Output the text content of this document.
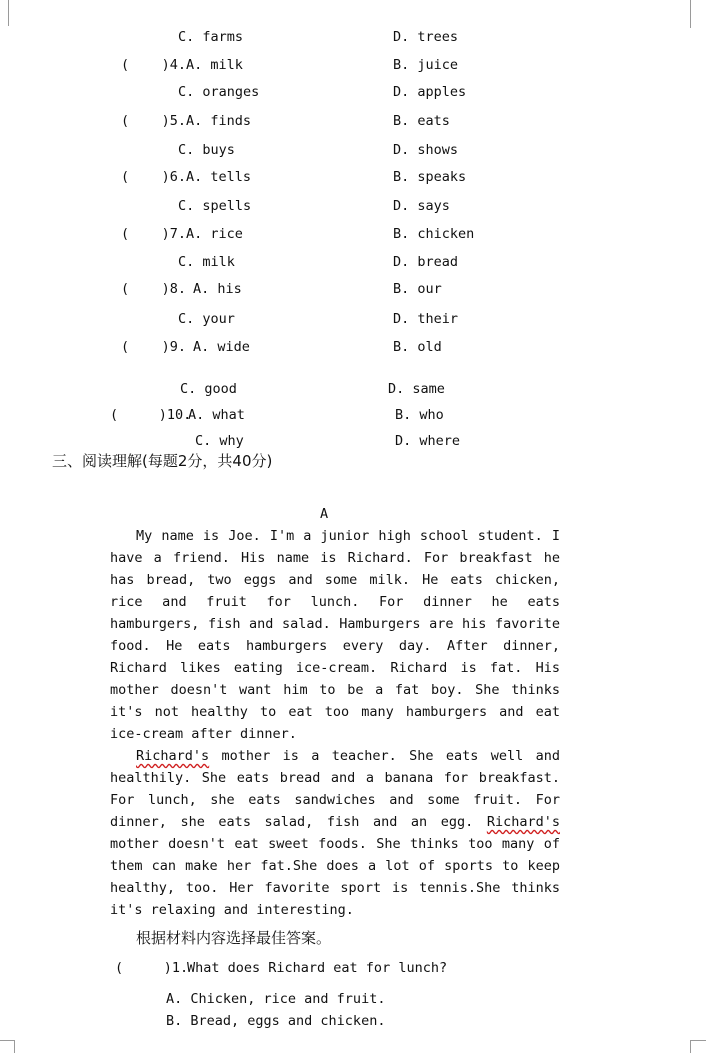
C. farms	D. trees
(    )4. A. milk	B. juice
C. oranges	D. apples
(    )5. A. finds	B. eats
C. buys	D. shows
(    )6. A. tells	B. speaks
C. spells	D. says
(    )7. A. rice	B. chicken
C. milk	D. bread
(    )8. A. his	B. our
C. your	D. their
(    )9. A. wide	B. old
C. good	D. same
(     )10.
A. what	B. who
C. why	D. where
三、阅读理解(每题2分，共40分)
A
My name is Joe. I'm a junior high school student. I have a friend. His name is Richard. For breakfast he has bread, two eggs and some milk. He eats chicken, rice and fruit for lunch. For dinner he eats hamburgers, fish and salad. Hamburgers are his favorite food. He eats hamburgers every day. After dinner, Richard likes eating ice-cream. Richard is fat. His mother doesn't want him to be a fat boy. She thinks it's not healthy to eat too many hamburgers and eat ice-cream after dinner.
Richard's mother is a teacher. She eats well and healthily. She eats bread and a banana for breakfast. For lunch, she eats sandwiches and some fruit. For dinner, she eats salad, fish and an egg. Richard's mother doesn't eat sweet foods. She thinks too many of them can make her fat.She does a lot of sports to keep healthy, too. Her favorite sport is tennis.She thinks it's relaxing and interesting.
根据材料内容选择最佳答案。
(     )1.
What does Richard eat for lunch?
A. Chicken, rice and fruit.
B. Bread, eggs and chicken.
